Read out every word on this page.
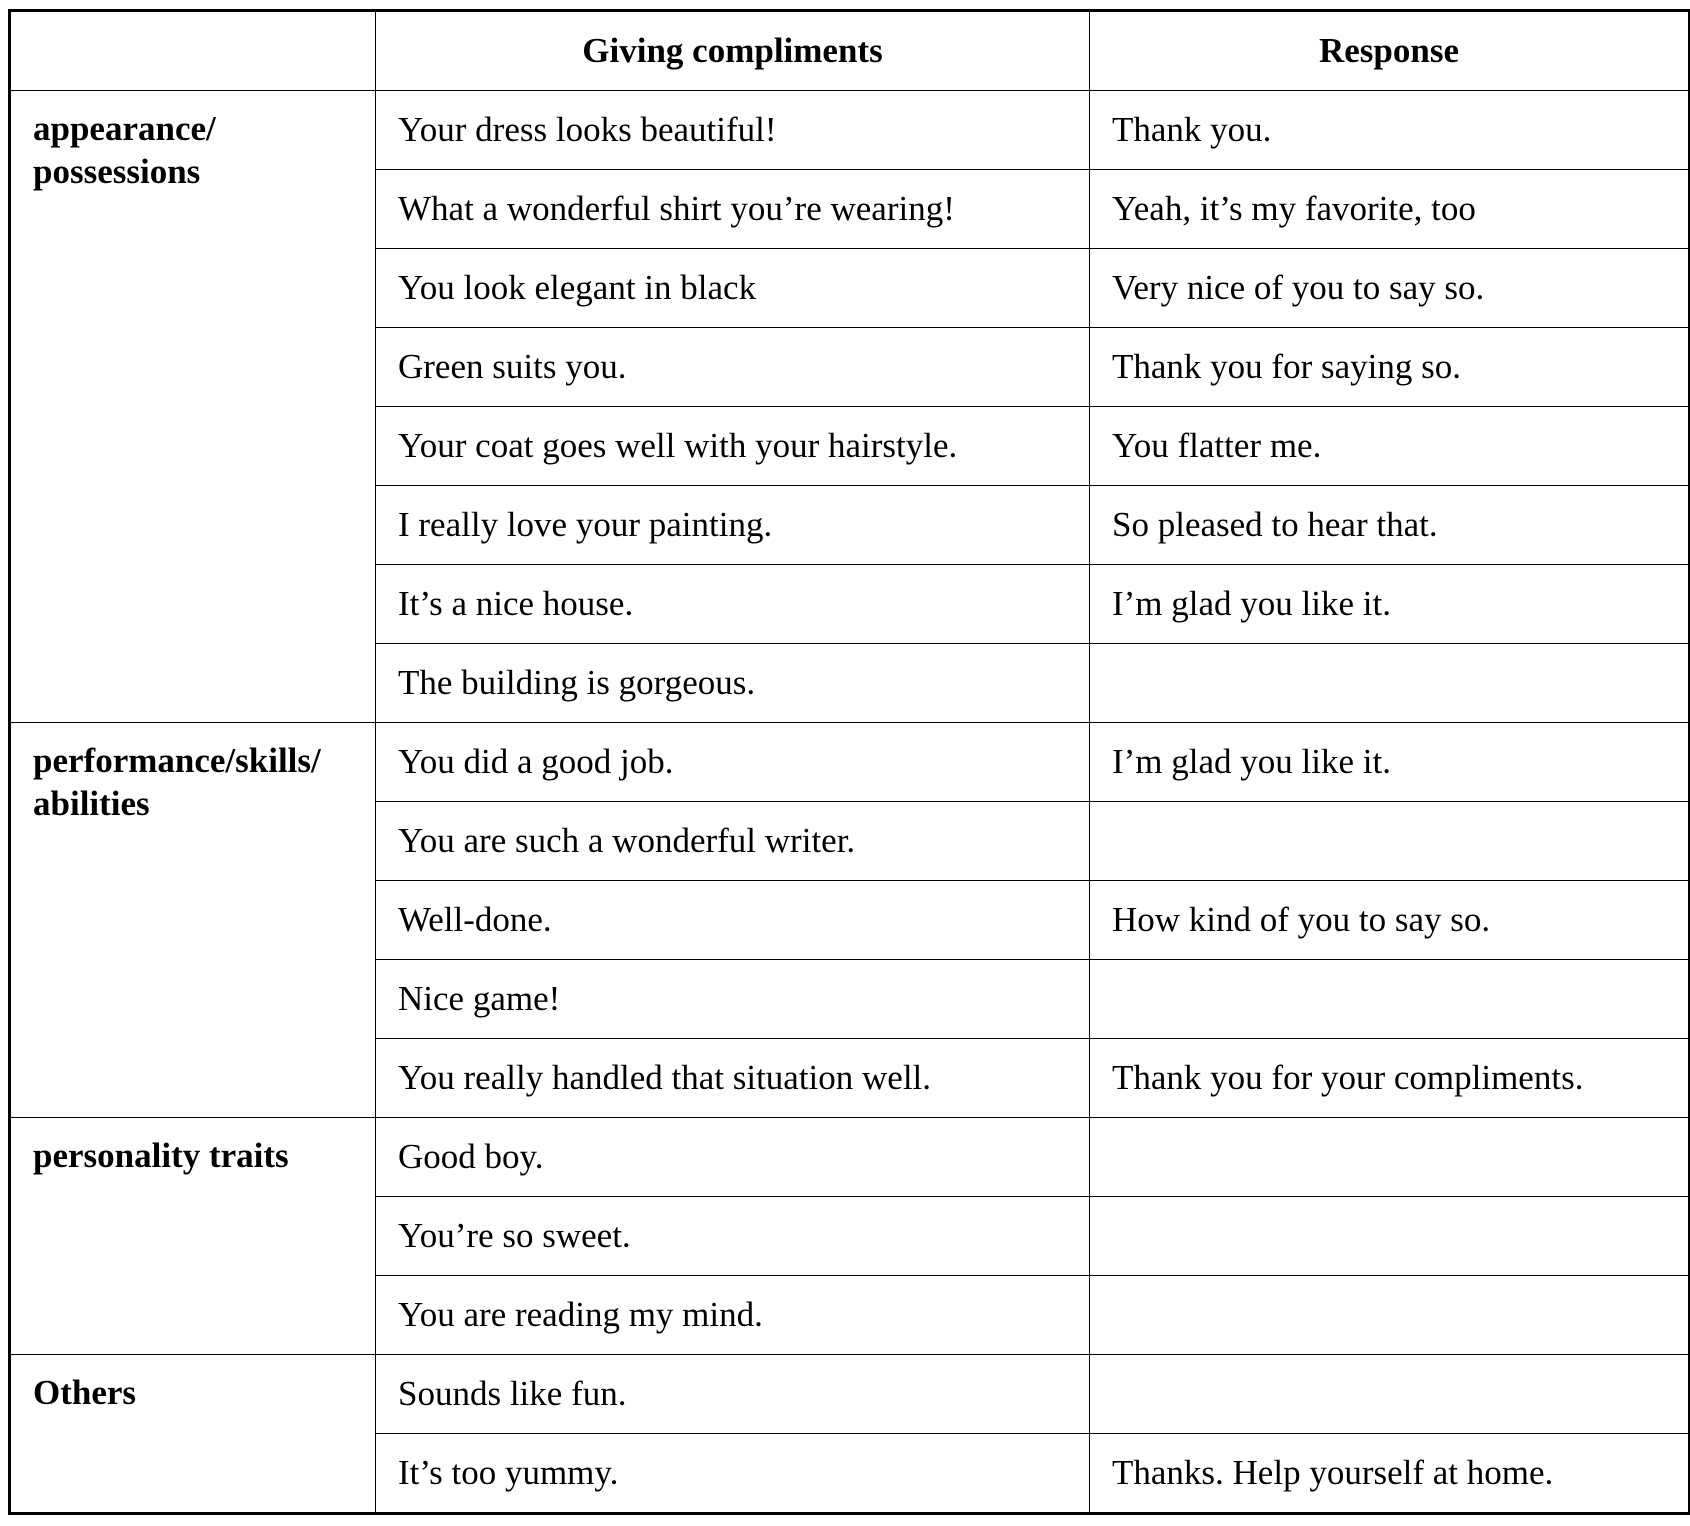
	Giving compliments	Response
appearance/ possessions	Your dress looks beautiful!	Thank you.
	What a wonderful shirt you’re wearing!	Yeah, it’s my favorite, too
	You look elegant in black	Very nice of you to say so.
	Green suits you.	Thank you for saying so.
	Your coat goes well with your hairstyle.	You flatter me.
	I really love your painting.	So pleased to hear that.
	It’s a nice house.	I’m glad you like it.
	The building is gorgeous.	
performance/skills/ abilities	You did a good job.	I’m glad you like it.
	You are such a wonderful writer.	
	Well-done.	How kind of you to say so.
	Nice game!	
	You really handled that situation well.	Thank you for your compliments.
personality traits	Good boy.	
	You’re so sweet.	
	You are reading my mind.	
Others	Sounds like fun.	
	It’s too yummy.	Thanks. Help yourself at home.
